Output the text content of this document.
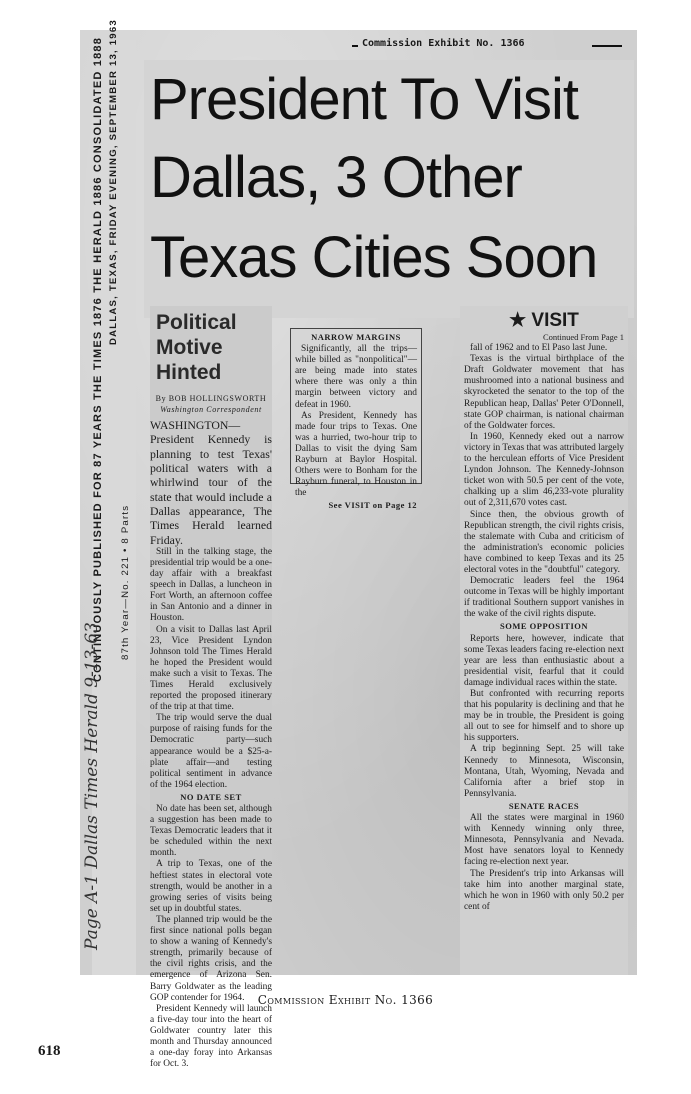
Commission Exhibit No. 1366
CONTINUOUSLY PUBLISHED FOR 87 YEARS THE TIMES 1876 THE HERALD 1886 CONSOLIDATED 1888 DALLAS, TEXAS, FRIDAY EVENING, SEPTEMBER 13, 1963
87th Year—No. 221 • 8 Parts
President To Visit
Dallas, 3 Other
Texas Cities Soon
Political
Motive
Hinted

By BOB HOLLINGSWORTH

Washington Correspondent

WASHINGTON—President Kennedy is planning to test Texas' political waters with a whirlwind tour of the state that would include a Dallas appearance, The Times Herald learned Friday.

Still in the talking stage, the presidential trip would be a one-day affair with a breakfast speech in Dallas, a luncheon in Fort Worth, an afternoon coffee in San Antonio and a dinner in Houston.

On a visit to Dallas last April 23, Vice President Lyndon Johnson told The Times Herald he hoped the President would make such a visit to Texas. The Times Herald exclusively reported the proposed itinerary of the trip at that time.

The trip would serve the dual purpose of raising funds for the Democratic party—such appearance would be a $25-a-plate affair—and testing political sentiment in advance of the 1964 election.

NO DATE SET

No date has been set, although a suggestion has been made to Texas Democratic leaders that it be scheduled within the next month.

A trip to Texas, one of the heftiest states in electoral vote strength, would be another in a growing series of visits being set up in doubtful states.

The planned trip would be the first since national polls began to show a waning of Kennedy's strength, primarily because of the civil rights crisis, and the emergence of Arizona Sen. Barry Goldwater as the leading GOP contender for 1964.

President Kennedy will launch a five-day tour into the heart of Goldwater country later this month and Thursday announced a one-day foray into Arkansas for Oct. 3.

NARROW MARGINS

Significantly, all the trips—while billed as "nonpolitical"—are being made into states where there was only a thin margin between victory and defeat in 1960.

As President, Kennedy has made four trips to Texas. One was a hurried, two-hour trip to Dallas to visit the dying Sam Rayburn at Baylor Hospital. Others were to Bonham for the Rayburn funeral, to Houston in the

See VISIT on Page 12

★ VISIT

Continued From Page 1

fall of 1962 and to El Paso last June.

Texas is the virtual birthplace of the Draft Goldwater movement that has mushroomed into a national business and skyrocketed the senator to the top of the Republican heap, Dallas' Peter O'Donnell, state GOP chairman, is national chairman of the Goldwater forces.

In 1960, Kennedy eked out a narrow victory in Texas that was attributed largely to the herculean efforts of Vice President Lyndon Johnson. The Kennedy-Johnson ticket won with 50.5 per cent of the vote, chalking up a slim 46,233-vote plurality out of 2,311,670 votes cast.

Since then, the obvious growth of Republican strength, the civil rights crisis, the stalemate with Cuba and criticism of the administration's economic policies have combined to keep Texas and its 25 electoral votes in the "doubtful" category.

Democratic leaders feel the 1964 outcome in Texas will be highly important if traditional Southern support vanishes in the wake of the civil rights dispute.

SOME OPPOSITION

Reports here, however, indicate that some Texas leaders facing re-election next year are less than enthusiastic about a presidential visit, fearful that it could damage individual races within the state.

But confronted with recurring reports that his popularity is declining and that he may be in trouble, the President is going all out to see for himself and to shore up his supporters.

A trip beginning Sept. 25 will take Kennedy to Minnesota, Wisconsin, Montana, Utah, Wyoming, Nevada and California after a brief stop in Pennsylvania.

SENATE RACES

All the states were marginal in 1960 with Kennedy winning only three, Minnesota, Pennsylvania and Nevada. Most have senators loyal to Kennedy facing re-election next year.

The President's trip into Arkansas will take him into another marginal state, which he won in 1960 with only 50.2 per cent of

Page A-1 Dallas Times Herald 9-13-63
Commission Exhibit No. 1366
618
